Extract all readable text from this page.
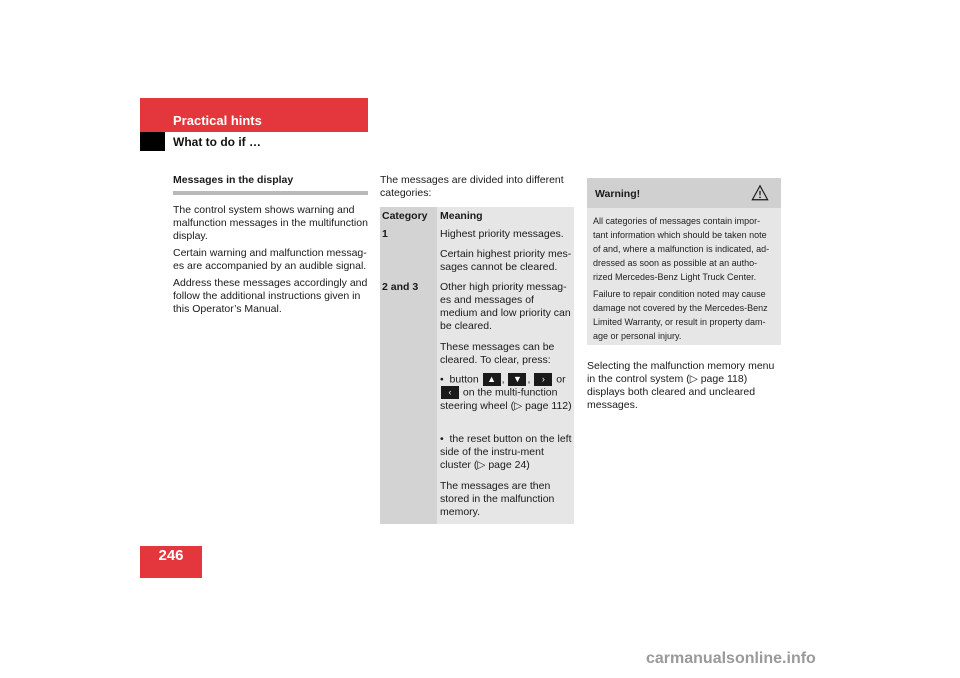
Practical hints
What to do if …
Messages in the display

The control system shows warning and malfunction messages in the multifunction display.

Certain warning and malfunction messag-es are accompanied by an audible signal.

Address these messages accordingly and follow the additional instructions given in this Operator’s Manual.

The messages are divided into different categories:

Category Meaning
1	Highest priority messages.
Certain highest priority mes-sages cannot be cleared.
2 and 3 Other high priority messag-es and messages of medium and low priority can be cleared.
These messages can be cleared. To clear, press:
•  button ▲ , ▼ , › or ‹ on the multi-function steering wheel (▷ page 112)
•  the reset button on the left side of the instru-ment cluster (▷ page 24)
The messages are then stored in the malfunction memory.
Warning!

All categories of messages contain impor-tant information which should be taken note of and, where a malfunction is indicated, ad-dressed as soon as possible at an autho-rized Mercedes-Benz Light Truck Center.

Failure to repair condition noted may cause damage not covered by the Mercedes-Benz Limited Warranty, or result in property dam-age or personal injury.

Selecting the malfunction memory menu in the control system (▷ page 118) displays both cleared and uncleared messages.

246
carmanualsonline.info
